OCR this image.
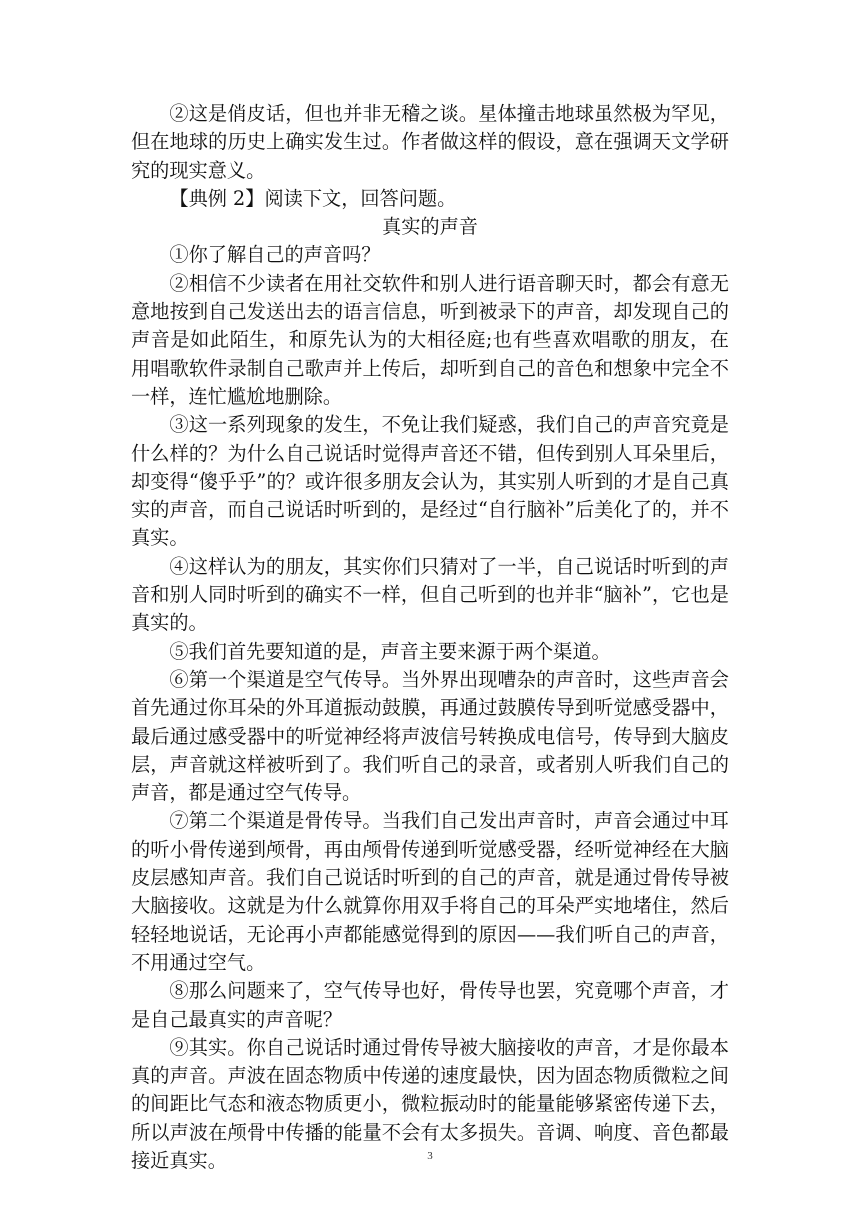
②这是俏皮话，但也并非无稽之谈。星体撞击地球虽然极为罕见，但在地球的历史上确实发生过。作者做这样的假设，意在强调天文学研究的现实意义。

【典例 2】阅读下文，回答问题。

真实的声音

①你了解自己的声音吗？

②相信不少读者在用社交软件和别人进行语音聊天时，都会有意无意地按到自己发送出去的语言信息，听到被录下的声音，却发现自己的声音是如此陌生，和原先认为的大相径庭;也有些喜欢唱歌的朋友，在用唱歌软件录制自己歌声并上传后，却听到自己的音色和想象中完全不一样，连忙尴尬地删除。

③这一系列现象的发生，不免让我们疑惑，我们自己的声音究竟是什么样的？为什么自己说话时觉得声音还不错，但传到别人耳朵里后，却变得“傻乎乎”的？或许很多朋友会认为，其实别人听到的才是自己真实的声音，而自己说话时听到的，是经过“自行脑补”后美化了的，并不真实。

④这样认为的朋友，其实你们只猜对了一半，自己说话时听到的声音和别人同时听到的确实不一样，但自己听到的也并非“脑补”，它也是真实的。

⑤我们首先要知道的是，声音主要来源于两个渠道。

⑥第一个渠道是空气传导。当外界出现嘈杂的声音时，这些声音会首先通过你耳朵的外耳道振动鼓膜，再通过鼓膜传导到听觉感受器中，最后通过感受器中的听觉神经将声波信号转换成电信号，传导到大脑皮层，声音就这样被听到了。我们听自己的录音，或者别人听我们自己的声音，都是通过空气传导。

⑦第二个渠道是骨传导。当我们自己发出声音时，声音会通过中耳的听小骨传递到颅骨，再由颅骨传递到听觉感受器，经听觉神经在大脑皮层感知声音。我们自己说话时听到的自己的声音，就是通过骨传导被大脑接收。这就是为什么就算你用双手将自己的耳朵严实地堵住，然后轻轻地说话，无论再小声都能感觉得到的原因——我们听自己的声音，不用通过空气。

⑧那么问题来了，空气传导也好，骨传导也罢，究竟哪个声音，才是自己最真实的声音呢？

⑨其实。你自己说话时通过骨传导被大脑接收的声音，才是你最本真的声音。声波在固态物质中传递的速度最快，因为固态物质微粒之间的间距比气态和液态物质更小，微粒振动时的能量能够紧密传递下去，所以声波在颅骨中传播的能量不会有太多损失。音调、响度、音色都最接近真实。	3
